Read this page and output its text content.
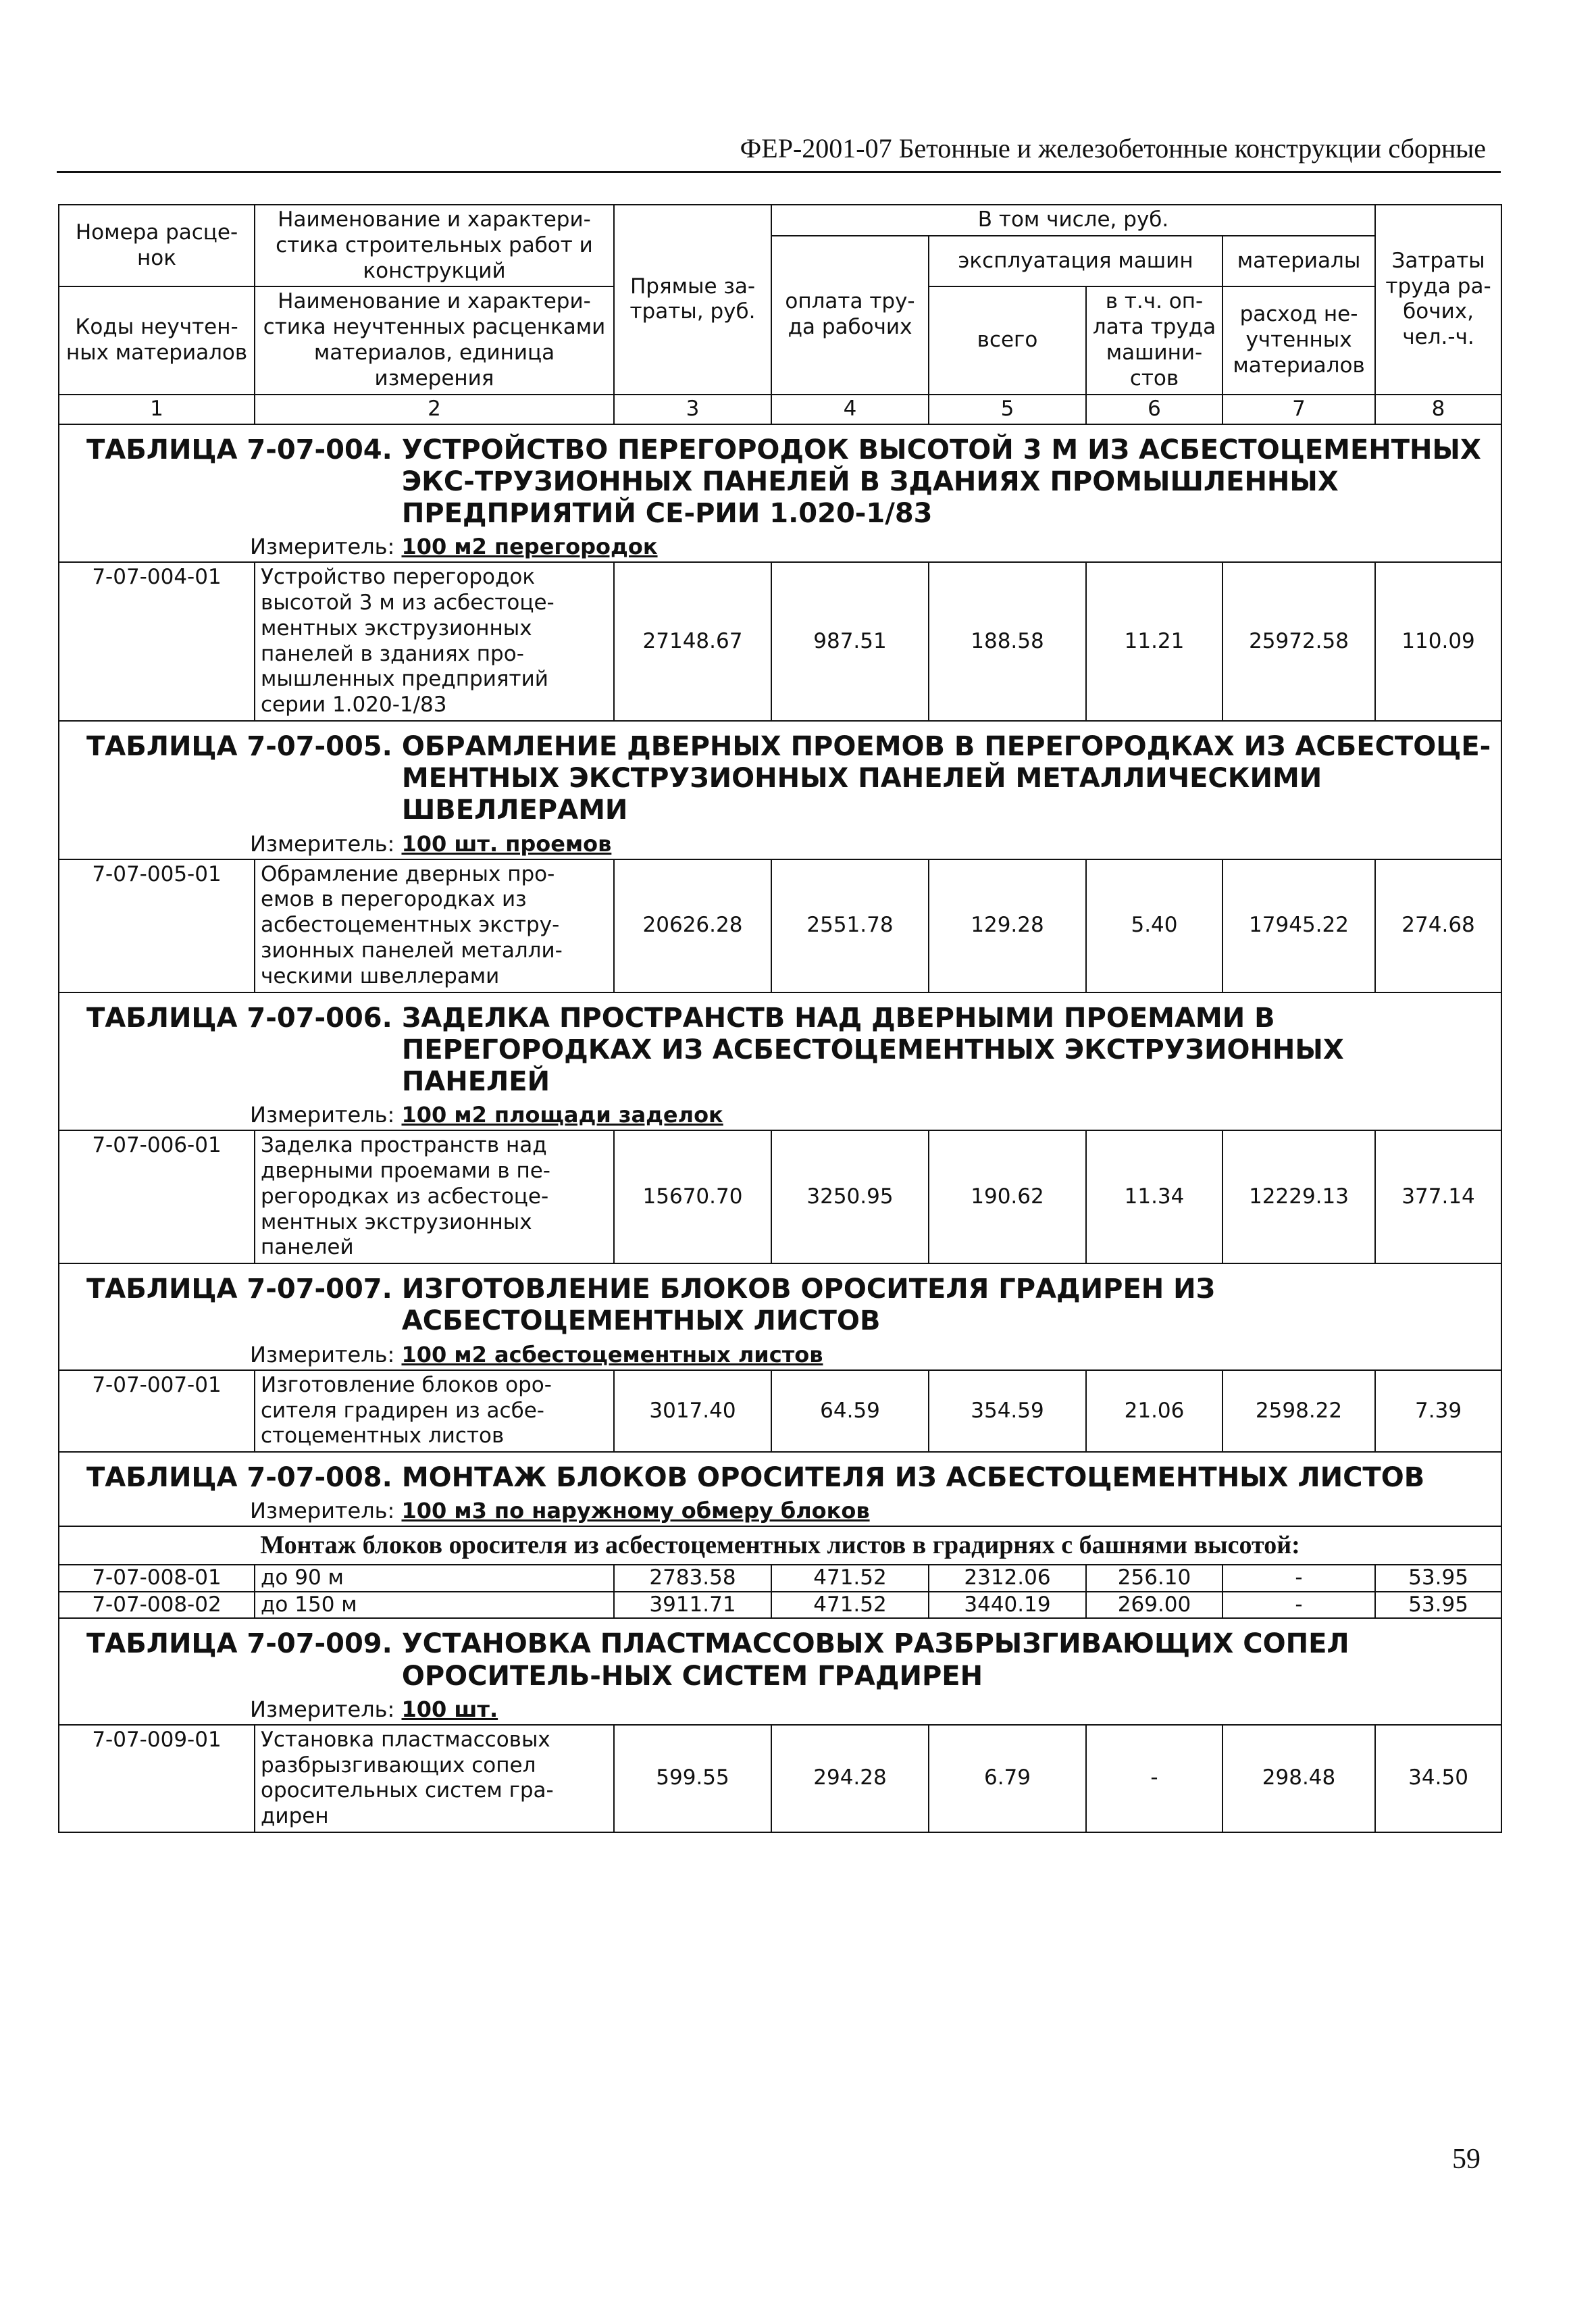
ФЕР-2001-07 Бетонные и железобетонные конструкции сборные
Номера расце-нок	Наименование и характери-стика строительных работ и конструкций	Прямые за-траты, руб.	В том числе, руб.				Затраты труда ра-бочих, чел.-ч.
			оплата тру-да рабочих	эксплуатация машин		материалы	
Коды неучтен-ных материалов	Наименование и характери-стика неучтенных расценками материалов, единица измерения			всего	в т.ч. оп-лата труда машини-стов	расход не-учтенных материалов	

1	2	3	4	5	6	7	8

ТАБЛИЦА 7-07-004. УСТРОЙСТВО ПЕРЕГОРОДОК ВЫСОТОЙ 3 М ИЗ АСБЕСТОЦЕМЕНТНЫХ ЭКС-ТРУЗИОННЫХ ПАНЕЛЕЙ В ЗДАНИЯХ ПРОМЫШЛЕННЫХ ПРЕДПРИЯТИЙ СЕ-РИИ 1.020-1/83							

Измеритель: 100 м2 перегородок							
7-07-004-01	Устройство перегородок высотой 3 м из асбестоце-ментных экструзионных панелей в зданиях про-мышленных предприятий серии 1.020-1/83	27148.67	987.51	188.58	11.21	25972.58	110.09

ТАБЛИЦА 7-07-005. ОБРАМЛЕНИЕ ДВЕРНЫХ ПРОЕМОВ В ПЕРЕГОРОДКАХ ИЗ АСБЕСТОЦЕ-МЕНТНЫХ ЭКСТРУЗИОННЫХ ПАНЕЛЕЙ МЕТАЛЛИЧЕСКИМИ ШВЕЛЛЕРАМИ							

Измеритель: 100 шт. проемов							
7-07-005-01	Обрамление дверных про-емов в перегородках из асбестоцементных экстру-зионных панелей металли-ческими швеллерами	20626.28	2551.78	129.28	5.40	17945.22	274.68

ТАБЛИЦА 7-07-006. ЗАДЕЛКА ПРОСТРАНСТВ НАД ДВЕРНЫМИ ПРОЕМАМИ В ПЕРЕГОРОДКАХ ИЗ АСБЕСТОЦЕМЕНТНЫХ ЭКСТРУЗИОННЫХ ПАНЕЛЕЙ							

Измеритель: 100 м2 площади заделок							
7-07-006-01	Заделка пространств над дверными проемами в пе-регородках из асбестоце-ментных экструзионных панелей	15670.70	3250.95	190.62	11.34	12229.13	377.14

ТАБЛИЦА 7-07-007. ИЗГОТОВЛЕНИЕ БЛОКОВ ОРОСИТЕЛЯ ГРАДИРЕН ИЗ АСБЕСТОЦЕМЕНТНЫХ ЛИСТОВ							

Измеритель: 100 м2 асбестоцементных листов							
7-07-007-01	Изготовление блоков оро-сителя градирен из асбе-стоцементных листов	3017.40	64.59	354.59	21.06	2598.22	7.39

ТАБЛИЦА 7-07-008. МОНТАЖ БЛОКОВ ОРОСИТЕЛЯ ИЗ АСБЕСТОЦЕМЕНТНЫХ ЛИСТОВ							

Измеритель: 100 м3 по наружному обмеру блоков							
Монтаж блоков оросителя из асбестоцементных листов в градирнях с башнями высотой:							
7-07-008-01	до 90 м	2783.58	471.52	2312.06	256.10	-	53.95
7-07-008-02	до 150 м	3911.71	471.52	3440.19	269.00	-	53.95

ТАБЛИЦА 7-07-009. УСТАНОВКА ПЛАСТМАССОВЫХ РАЗБРЫЗГИВАЮЩИХ СОПЕЛ ОРОСИТЕЛЬ-НЫХ СИСТЕМ ГРАДИРЕН							

Измеритель: 100 шт.							
7-07-009-01	Установка пластмассовых разбрызгивающих сопел оросительных систем гра-дирен	599.55	294.28	6.79	-	298.48	34.50
59
